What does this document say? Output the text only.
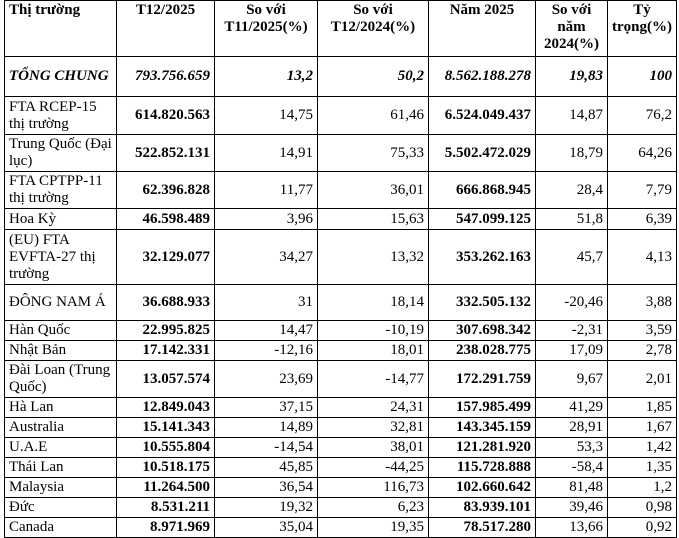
Thị trường	T12/2025	So với T11/2025(%)	So với T12/2024(%)	Năm 2025	So với năm 2024(%)	Tỷ trọng(%)
TỔNG CHUNG	793.756.659	13,2	50,2	8.562.188.278	19,83	100
FTA RCEP-15 thị trường	614.820.563	14,75	61,46	6.524.049.437	14,87	76,2
Trung Quốc (Đại lục)	522.852.131	14,91	75,33	5.502.472.029	18,79	64,26
FTA CPTPP-11 thị trường	62.396.828	11,77	36,01	666.868.945	28,4	7,79
Hoa Kỳ	46.598.489	3,96	15,63	547.099.125	51,8	6,39
(EU) FTA EVFTA-27 thị trường	32.129.077	34,27	13,32	353.262.163	45,7	4,13
ĐÔNG NAM Á	36.688.933	31	18,14	332.505.132	-20,46	3,88
Hàn Quốc	22.995.825	14,47	-10,19	307.698.342	-2,31	3,59
Nhật Bản	17.142.331	-12,16	18,01	238.028.775	17,09	2,78
Đài Loan (Trung Quốc)	13.057.574	23,69	-14,77	172.291.759	9,67	2,01
Hà Lan	12.849.043	37,15	24,31	157.985.499	41,29	1,85
Australia	15.141.343	14,89	32,81	143.345.159	28,91	1,67
U.A.E	10.555.804	-14,54	38,01	121.281.920	53,3	1,42
Thái Lan	10.518.175	45,85	-44,25	115.728.888	-58,4	1,35
Malaysia	11.264.500	36,54	116,73	102.660.642	81,48	1,2
Đức	8.531.211	19,32	6,23	83.939.101	39,46	0,98
Canada	8.971.969	35,04	19,35	78.517.280	13,66	0,92
